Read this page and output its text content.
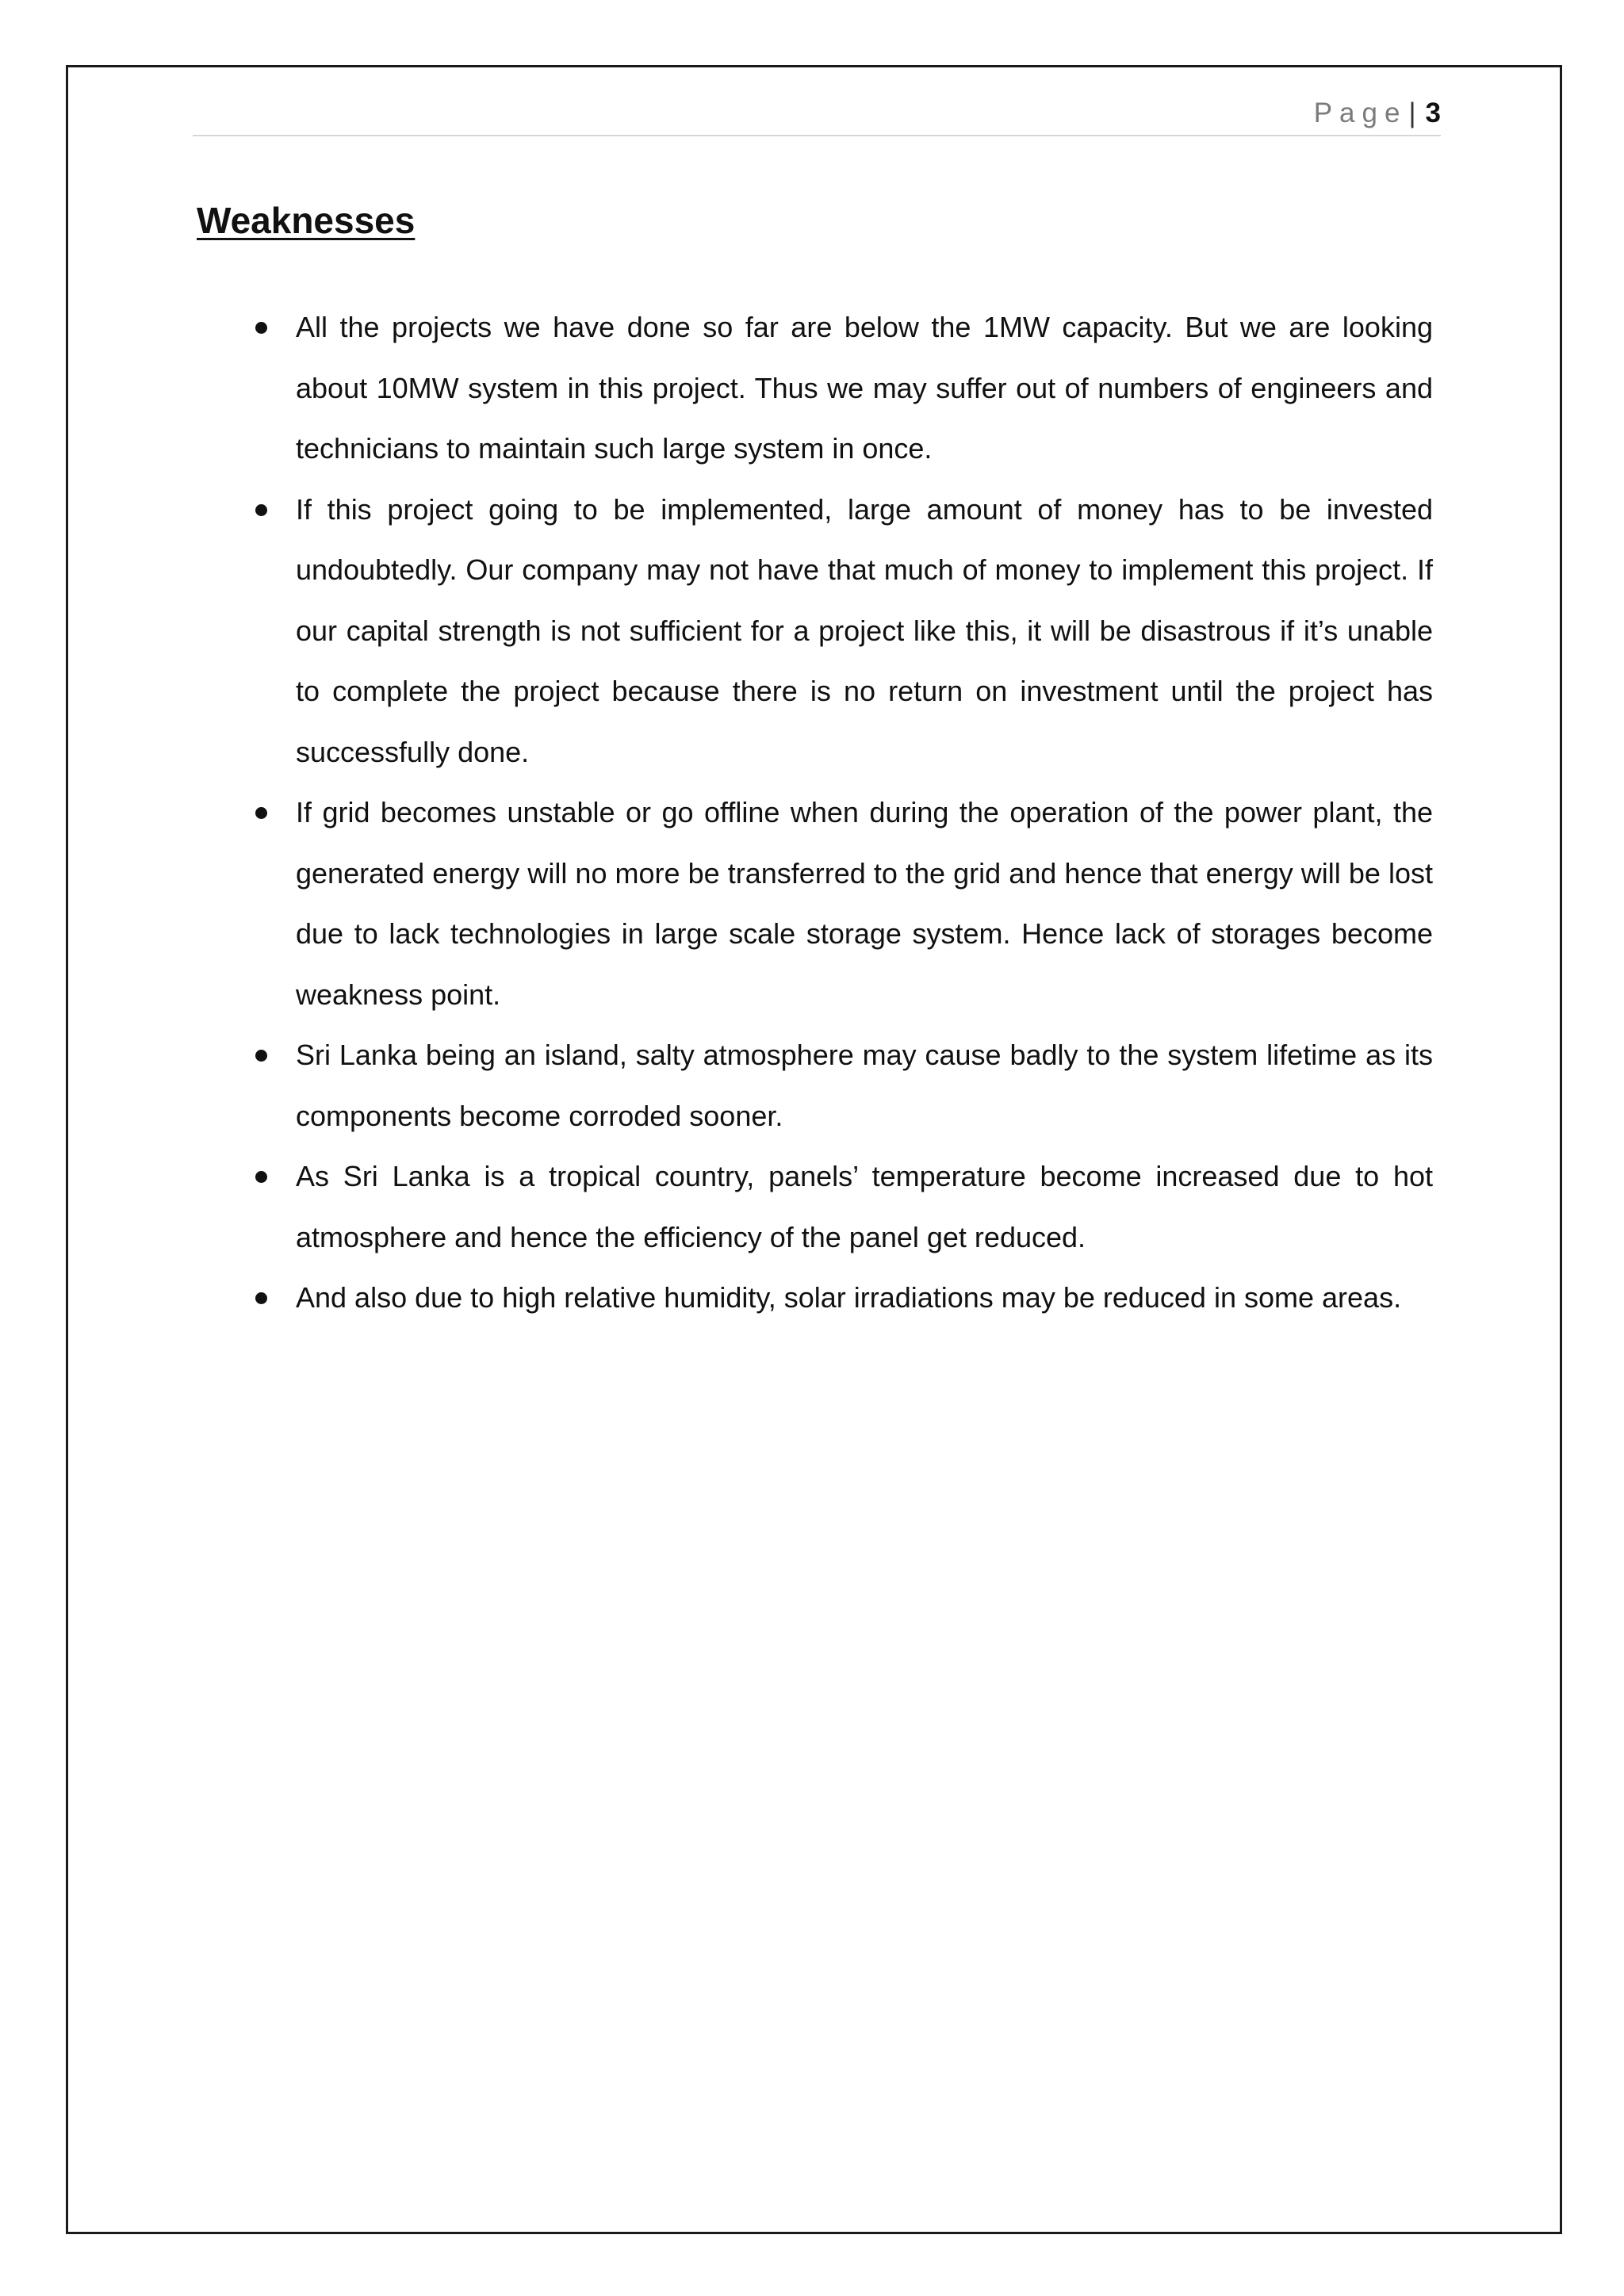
Page| 3
Weaknesses
All the projects we have done so far are below the 1MW capacity. But we are looking about 10MW system in this project. Thus we may suffer out of numbers of engineers and technicians to maintain such large system in once.
If this project going to be implemented, large amount of money has to be invested undoubtedly. Our company may not have that much of money to implement this project. If our capital strength is not sufficient for a project like this, it will be disastrous if it’s unable to complete the project because there is no return on investment until the project has successfully done.
If grid becomes unstable or go offline when during the operation of the power plant, the generated energy will no more be transferred to the grid and hence that energy will be lost due to lack technologies in large scale storage system. Hence lack of storages become weakness point.
Sri Lanka being an island, salty atmosphere may cause badly to the system lifetime as its components become corroded sooner.
As Sri Lanka is a tropical country, panels’ temperature become increased due to hot atmosphere and hence the efficiency of the panel get reduced.
And also due to high relative humidity, solar irradiations may be reduced in some areas.
